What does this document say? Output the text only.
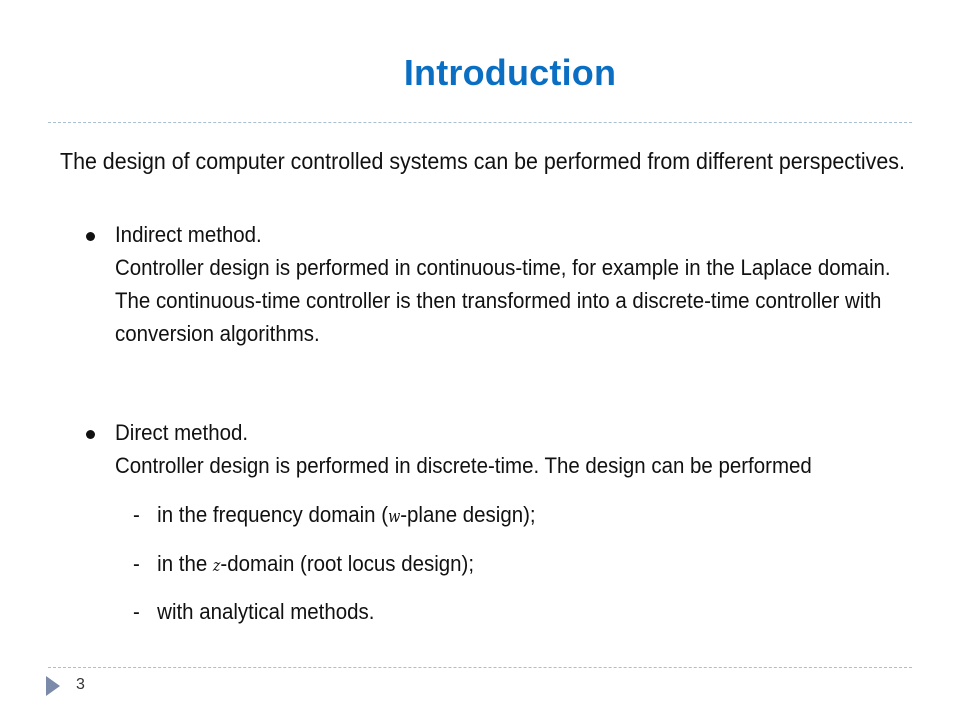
Introduction
The design of computer controlled systems can be performed from different perspectives.
Indirect method.
Controller design is performed in continuous-time, for example in the Laplace domain.
The continuous-time controller is then transformed into a discrete-time controller with
conversion algorithms.
Direct method.
Controller design is performed in discrete-time. The design can be performed
- in the frequency domain (w-plane design);
- in the z-domain (root locus design);
- with analytical methods.
3
